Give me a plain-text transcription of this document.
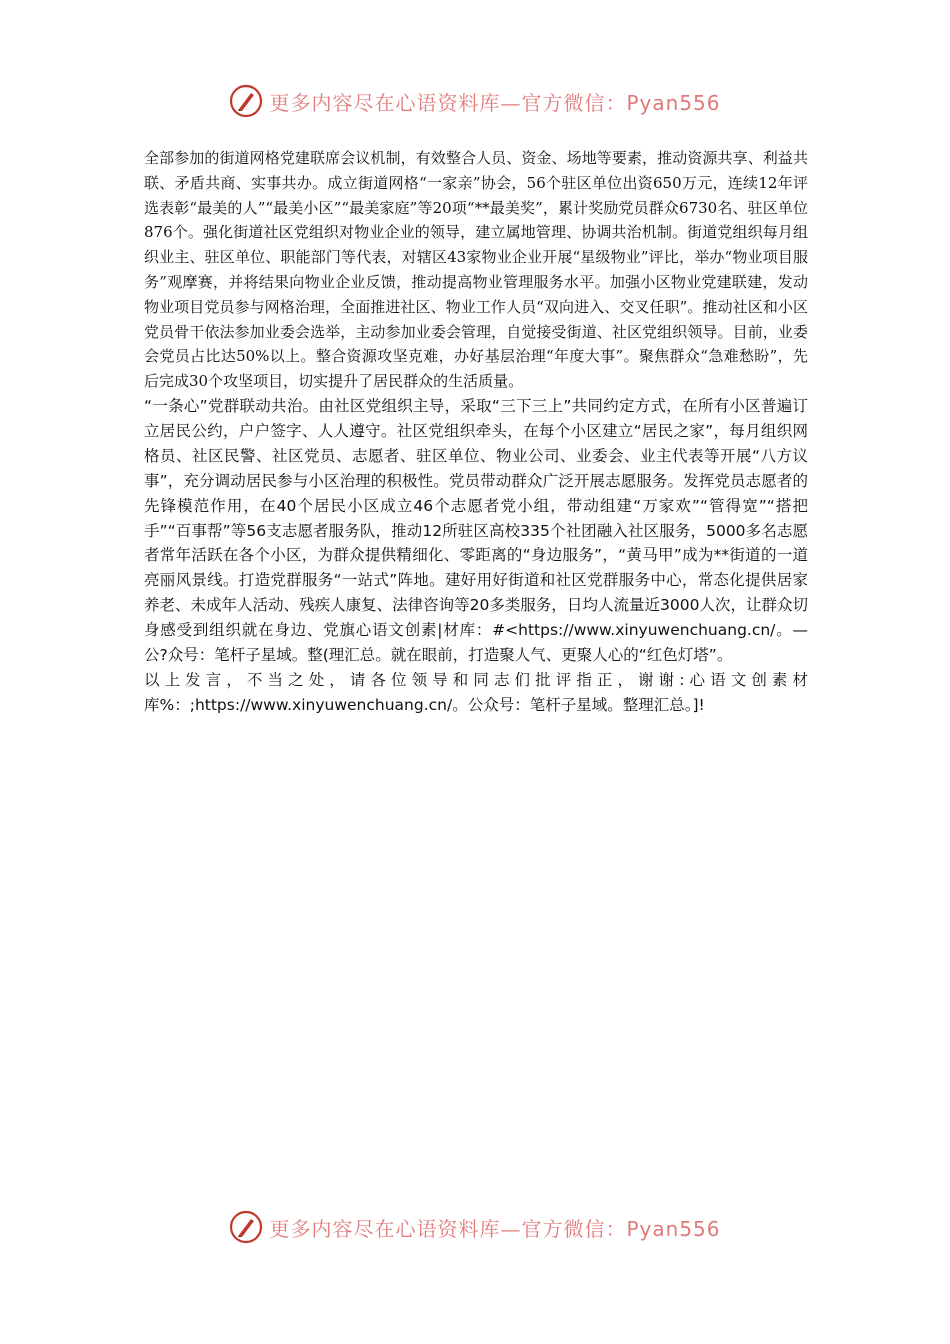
更多内容尽在心语资料库—官方微信：Pyan556

全部参加的街道网格党建联席会议机制，有效整合人员、资金、场地等要素，推动资源共享、利益共联、矛盾共商、实事共办。成立街道网格“一家亲”协会，56个驻区单位出资650万元，连续12年评选表彰“最美的人”“最美小区”“最美家庭”等20项“**最美奖”，累计奖励党员群众6730名、驻区单位876个。强化街道社区党组织对物业企业的领导，建立属地管理、协调共治机制。街道党组织每月组织业主、驻区单位、职能部门等代表，对辖区43家物业企业开展“星级物业”评比，举办“物业项目服务”观摩赛，并将结果向物业企业反馈，推动提高物业管理服务水平。加强小区物业党建联建，发动物业项目党员参与网格治理，全面推进社区、物业工作人员“双向进入、交叉任职”。推动社区和小区党员骨干依法参加业委会选举，主动参加业委会管理，自觉接受街道、社区党组织领导。目前，业委会党员占比达50%以上。整合资源攻坚克难，办好基层治理“年度大事”。聚焦群众“急难愁盼”，先后完成30个攻坚项目，切实提升了居民群众的生活质量。

“一条心”党群联动共治。由社区党组织主导，采取“三下三上”共同约定方式，在所有小区普遍订立居民公约，户户签字、人人遵守。社区党组织牵头，在每个小区建立“居民之家”，每月组织网格员、社区民警、社区党员、志愿者、驻区单位、物业公司、业委会、业主代表等开展“八方议事”，充分调动居民参与小区治理的积极性。党员带动群众广泛开展志愿服务。发挥党员志愿者的先锋模范作用，在40个居民小区成立46个志愿者党小组，带动组建“万家欢”“管得宽”“搭把手”“百事帮”等56支志愿者服务队，推动12所驻区高校335个社团融入社区服务，5000多名志愿者常年活跃在各个小区，为群众提供精细化、零距离的“身边服务”，“黄马甲”成为**街道的一道亮丽风景线。打造党群服务“一站式”阵地。建好用好街道和社区党群服务中心，常态化提供居家养老、未成年人活动、残疾人康复、法律咨询等20多类服务，日均人流量近3000人次，让群众切身感受到组织就在身边、党旗心语文创素|材库：#<https://www.xinyuwenchuang.cn/。—公?众号：笔杆子星域。整(理汇总。就在眼前，打造聚人气、更聚人心的“红色灯塔”。

以上发言，不当之处，请各位领导和同志们批评指正，谢谢:心语文创素材库%：;https://www.xinyuwenchuang.cn/。公众号：笔杆子星域。整理汇总。]!

更多内容尽在心语资料库—官方微信：Pyan556
